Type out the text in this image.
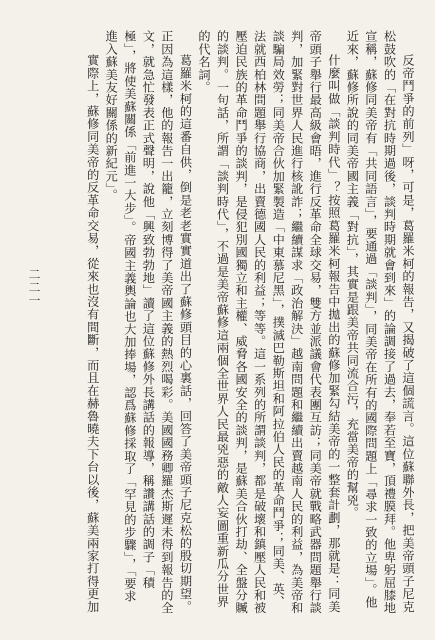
反帝鬥爭的前列」呀，可是，葛羅米柯的報告，又揭破了這個謊言。這位蘇聯外長，把美帝頭子尼克松鼓吹的「在對抗時期過後，談判時期就會到來」的論調接了過去，奉若至寶，頂禮膜拜。他卑躬屈膝地宣稱，蘇修同美帝有「共同語言」，要通過「談判」，同美帝在所有的國際問題上「尋求一致的立場」。他近來，蘇修所說的同美帝國主義「對抗」，其實是跟美帝共同流合污，充當美帝的幫兇。

什麼叫做「談判時代」？按照葛羅米柯報告中拋出的蘇修加緊勾結美帝的一整套計劃，那就是：同美帝頭子舉行最高級會晤，進行反革命全球交易，雙方並派議會代表團互訪；同美帝就戰略武器問題舉行談判，加緊對世界人民進行核訛詐；繼續謀求「政治解決」越南問題和繼續出賣越南人民的利益，為美帝和談騙局效勞；同美帝合伙加緊製造「中東慕尼黑」，撲滅巴勒斯坦和阿拉伯人民的革命鬥爭；同美、英、法就西柏林問題舉行協商，出賣德國人民的利益；等等。這一系列的所謂談判，都是破壞和鎮壓人民和被壓迫民族的革命鬥爭的談判，是侵犯別國獨立和主權、威脅各國安全的談判，是蘇美合伙打劫、全盤分贓的談判。一句話，所謂「談判時代」，不過是美帝蘇修這兩個全世界人民最兇惡的敵人妄圖重新瓜分世界的代名詞。

葛羅米柯的這番自供，倒是老老實實道出了蘇修頭目的心裏話，回答了美帝頭子尼克松的殷切期望。正因為這樣，他的報告一出籠，立刻博得了美帝國主義的熱烈喝彩。美國國務卿羅杰斯遲未得到報告的全文，就急忙發表正式聲明，說他「興致勃勃地」讀了這位蘇修外長講話的報導，稱讚講話的調子「積極」，將使美蘇關係「前進一大步」。帝國主義輿論也大加捧場，認爲蘇修採取了「罕見的步驟」，「要求進入蘇美友好關係的新紀元」。

實際上，蘇修同美帝的反革命交易，從來也沒有間斷，而且在赫魯曉夫下台以後，蘇美兩家打得更加

二二一
